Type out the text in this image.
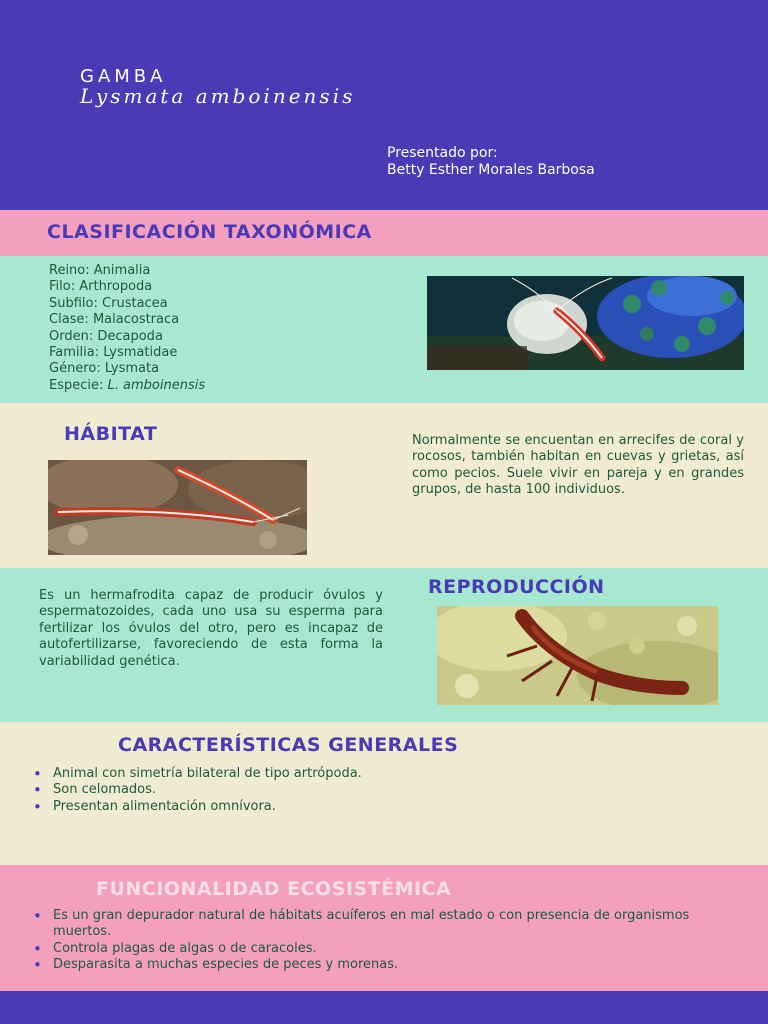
GAMBA
Lysmata amboinensis
Presentado por:
Betty Esther Morales Barbosa
CLASIFICACIÓN TAXONÓMICA
Reino: Animalia
Filo: Arthropoda
Subfilo: Crustacea
Clase: Malacostraca
Orden: Decapoda
Familia: Lysmatidae
Género: Lysmata
Especie: L. amboinensis
HÁBITAT	Normalmente se encuentan en arrecifes de coral y rocosos, también habitan en cuevas y grietas, así como pecios. Suele vivir en pareja y en grandes grupos, de hasta 100 individuos.
Es un hermafrodita capaz de producir óvulos y espermatozoides, cada uno usa su esperma para fertilizar los óvulos del otro, pero es incapaz de autofertilizarse, favoreciendo de esta forma la variabilidad genética.
REPRODUCCIÓN
CARACTERÍSTICAS GENERALES
• Animal con simetría bilateral de tipo artrópoda.
• Son celomados.
• Presentan alimentación omnívora.
FUNCIONALIDAD ECOSISTÉMICA
• Es un gran depurador natural de hábitats acuíferos en mal estado o con presencia de organismos muertos.
• Controla plagas de algas o de caracoles.
• Desparasita a muchas especies de peces y morenas.
